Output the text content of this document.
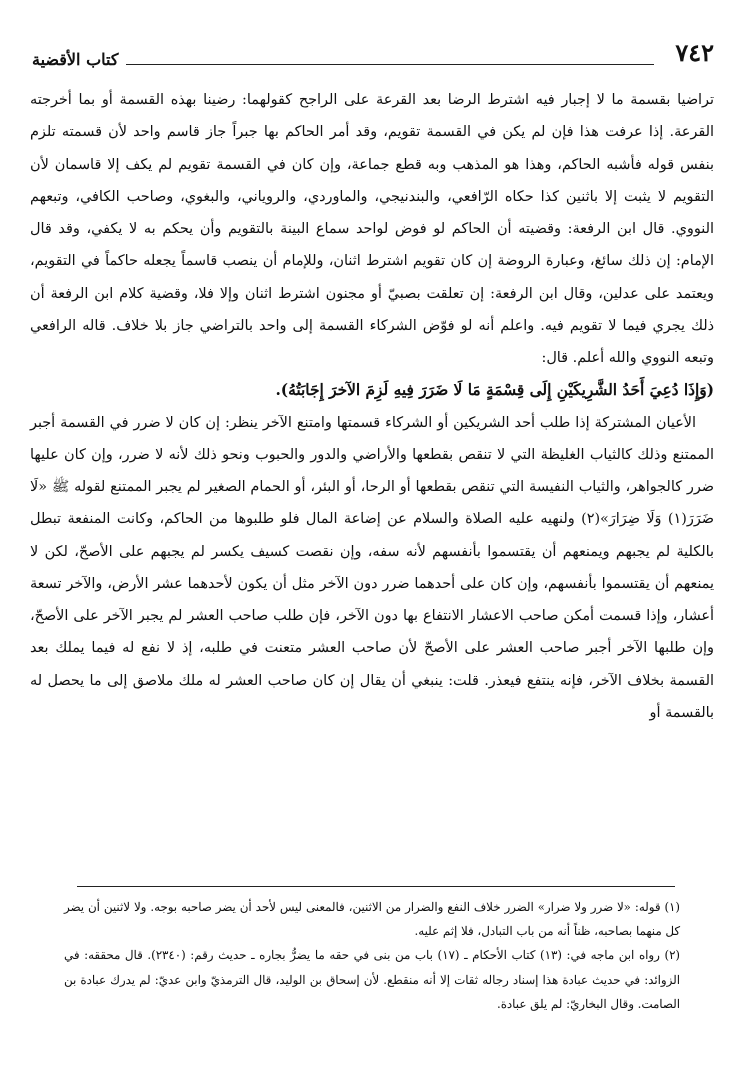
٧٤٢
كتاب الأقضية

تراضيا بقسمة ما لا إجبار فيه اشترط الرضا بعد القرعة على الراجح كقولهما: رضينا بهذه القسمة أو بما أخرجته القرعة. إذا عرفت هذا فإن لم يكن في القسمة تقويم، وقد أمر الحاكم بها جبراً جاز قاسم واحد لأن قسمته تلزم بنفس قوله فأشبه الحاكم، وهذا هو المذهب وبه قطع جماعة، وإن كان في القسمة تقويم لم يكف إلا قاسمان لأن التقويم لا يثبت إلا باثنين كذا حكاه الرّافعي، والبندنيجي، والماوردي، والروياني، والبغوي، وصاحب الكافي، وتبعهم النووي. قال ابن الرفعة: وقضيته أن الحاكم لو فوض لواحد سماع البينة بالتقويم وأن يحكم به لا يكفي، وقد قال الإمام: إن ذلك سائغ، وعبارة الروضة إن كان تقويم اشترط اثنان، وللإمام أن ينصب قاسماً يجعله حاكماً في التقويم، ويعتمد على عدلين، وقال ابن الرفعة: إن تعلقت بصبيّ أو مجنون اشترط اثنان وإلا فلا، وقضية كلام ابن الرفعة أن ذلك يجري فيما لا تقويم فيه. واعلم أنه لو فوّض الشركاء القسمة إلى واحد بالتراضي جاز بلا خلاف. قاله الرافعي وتبعه النووي والله أعلم. قال:

(وَإِذَا دُعِيَ أَحَدُ الشَّرِيكَيْنِ إِلَى قِسْمَةٍ مَا لَا ضَرَرَ فِيهِ لَزِمَ الآخرَ إِجَابَتُهُ).

الأعيان المشتركة إذا طلب أحد الشريكين أو الشركاء قسمتها وامتنع الآخر ينظر: إن كان لا ضرر في القسمة أجبر الممتنع وذلك كالثياب الغليظة التي لا تنقص بقطعها والأراضي والدور والحبوب ونحو ذلك لأنه لا ضرر، وإن كان عليها ضرر كالجواهر، والثياب النفيسة التي تنقص بقطعها أو الرحا، أو البئر، أو الحمام الصغير لم يجبر الممتنع لقوله ﷺ «لَا ضَرَرَ(١) وَلَا ضِرَارَ»(٢) ولنهيه عليه الصلاة والسلام عن إضاعة المال فلو طلبوها من الحاكم، وكانت المنفعة تبطل بالكلية لم يجبهم ويمنعهم أن يقتسموا بأنفسهم لأنه سفه، وإن نقصت كسيف يكسر لم يجبهم على الأصحّ، لكن لا يمنعهم أن يقتسموا بأنفسهم، وإن كان على أحدهما ضرر دون الآخر مثل أن يكون لأحدهما عشر الأرض، والآخر تسعة أعشار، وإذا قسمت أمكن صاحب الاعشار الانتفاع بها دون الآخر، فإن طلب صاحب العشر لم يجبر الآخر على الأصحّ، وإن طلبها الآخر أجبر صاحب العشر على الأصحّ لأن صاحب العشر متعنت في طلبه، إذ لا نفع له فيما يملك بعد القسمة بخلاف الآخر، فإنه ينتفع فيعذر. قلت: ينبغي أن يقال إن كان صاحب العشر له ملك ملاصق إلى ما يحصل له بالقسمة أو

(١) قوله: «لا ضرر ولا ضرار» الضرر خلاف النفع والضرار من الاثنين، فالمعنى ليس لأحد أن يضر صاحبه بوجه. ولا لاثنين أن يضر كل منهما بصاحبه، ظناً أنه من باب التبادل، فلا إثم عليه.

(٢) رواه ابن ماجه في: (١٣) كتاب الأحكام ـ (١٧) باب من بنى في حقه ما يضرُّ بجاره ـ حديث رقم: (٢٣٤٠). قال محققه: في الزوائد: في حديث عبادة هذا إسناد رجاله ثقات إلا أنه منقطع. لأن إسحاق بن الوليد، قال الترمذيّ وابن عديّ: لم يدرك عبادة بن الصامت. وقال البخاريّ: لم يلق عبادة.
